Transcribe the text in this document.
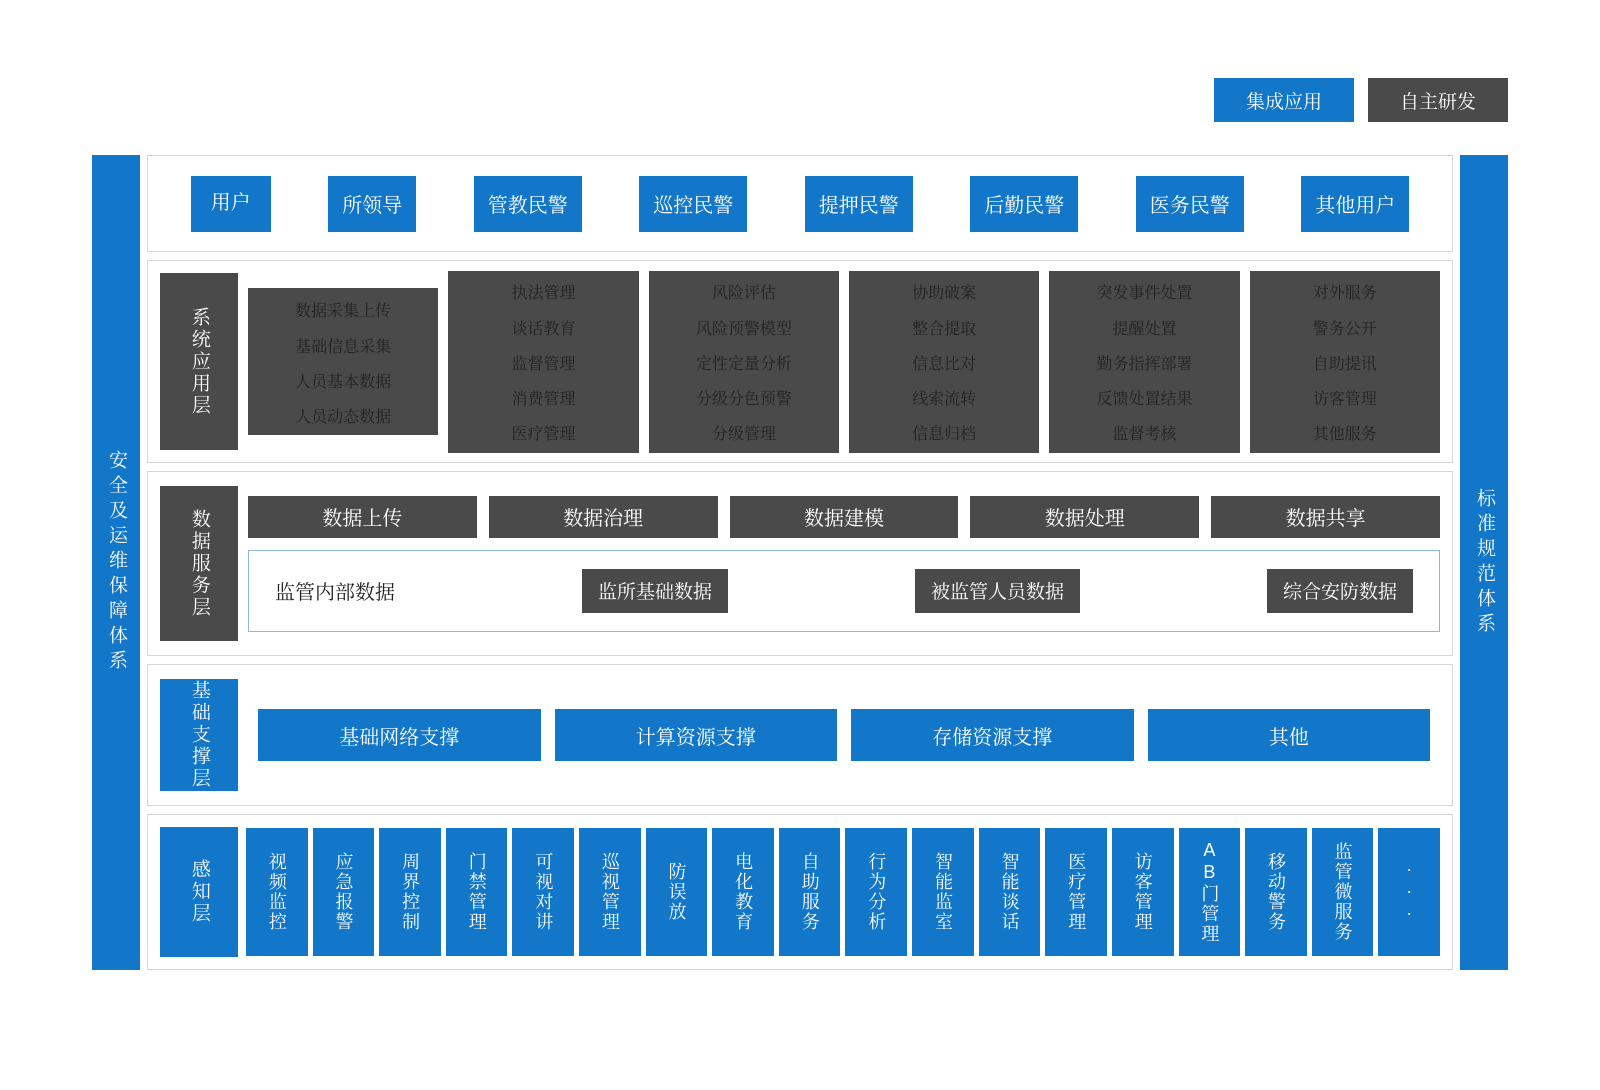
集成应用	自主研发
安全及运维保障体系
用户	所领导	管教民警	巡控民警	提押民警	后勤民警	医务民警	其他用户
系统应用层	数据采集上传
基础信息采集
人员基本数据
人员动态数据
执法管理
谈话教育
监督管理
消费管理
医疗管理
风险评估
风险预警模型
定性定量分析
分级分色预警
分级管理
协助破案
整合提取
信息比对
线索流转
信息归档
突发事件处置
提醒处置
勤务指挥部署
反馈处置结果
监督考核
对外服务
警务公开
自助提讯
访客管理
其他服务
数据服务层	数据上传	数据治理	数据建模	数据处理	数据共享
监管内部数据	监所基础数据	被监管人员数据	综合安防数据
基础支撑层	基础网络支撑	计算资源支撑	存储资源支撑	其他
感知层	视频监控	应急报警	周界控制	门禁管理	可视对讲	巡视管理	防误放	电化教育	自助服务	行为分析	智能监室	智能谈话	医疗管理	访客管理	AB门管理	移动警务	监管微服务	···
标准规范体系
